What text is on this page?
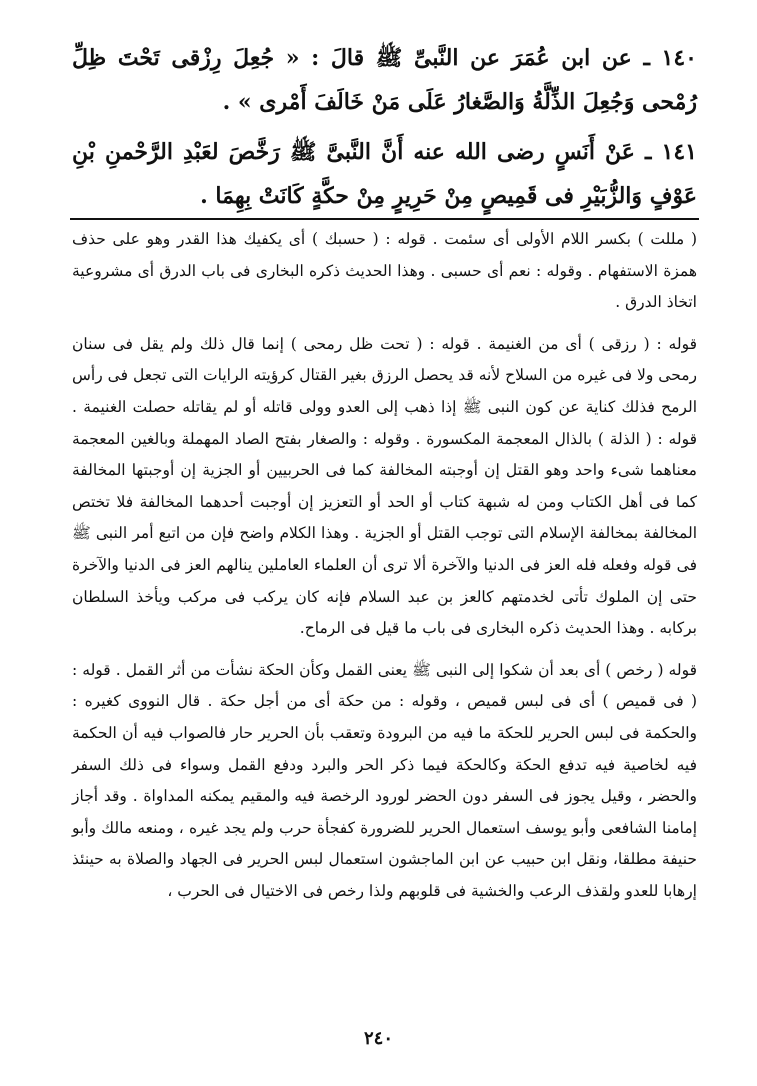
١٤٠ ـ عن ابن عُمَرَ عن النَّبىِّ ﷺ قالَ : « جُعِلَ رِزْقى تَحْتَ ظِلِّ رُمْحى وَجُعِلَ الذِّلَّةُ وَالصَّغارُ عَلَى مَنْ خَالَفَ أَمْرى » .

١٤١ ـ عَنْ أَنَسٍ رضى الله عنه أَنَّ النَّبىَّ ﷺ رَخَّصَ لعَبْدِ الرَّحْمنِ بْنِ عَوْفٍ وَالزُّبَيْرِ فى قَمِيصٍ مِنْ حَرِيرٍ مِنْ حكَّةٍ كَانَتْ بِهِمَا .

( مللت ) بكسر اللام الأولى أى سئمت . قوله : ( حسبك ) أى يكفيك هذا القدر وهو على حذف همزة الاستفهام . وقوله : نعم أى حسبى . وهذا الحديث ذكره البخارى فى باب الدرق أى مشروعية اتخاذ الدرق .

قوله : ( رزقى ) أى من الغنيمة . قوله : ( تحت ظل رمحى ) إنما قال ذلك ولم يقل فى سنان رمحى ولا فى غيره من السلاح لأنه قد يحصل الرزق بغير القتال كرؤيته الرايات التى تجعل فى رأس الرمح فذلك كناية عن كون النبى ﷺ إذا ذهب إلى العدو وولى قاتله أو لم يقاتله حصلت الغنيمة . قوله : ( الذلة ) بالذال المعجمة المكسورة . وقوله : والصغار بفتح الصاد المهملة وبالغين المعجمة معناهما شىء واحد وهو القتل إن أوجبته المخالفة كما فى الحربيين أو الجزية إن أوجبتها المخالفة كما فى أهل الكتاب ومن له شبهة كتاب أو الحد أو التعزيز إن أوجبت أحدهما المخالفة فلا تختص المخالفة بمخالفة الإسلام التى توجب القتل أو الجزية . وهذا الكلام واضح فإن من اتبع أمر النبى ﷺ فى قوله وفعله فله العز فى الدنيا والآخرة ألا ترى أن العلماء العاملين ينالهم العز فى الدنيا والآخرة حتى إن الملوك تأتى لخدمتهم كالعز بن عبد السلام فإنه كان يركب فى مركب ويأخذ السلطان بركابه . وهذا الحديث ذكره البخارى فى باب ما قيل فى الرماح.

قوله ( رخص ) أى بعد أن شكوا إلى النبى ﷺ يعنى القمل وكأن الحكة نشأت من أثر القمل . قوله : ( فى قميص ) أى فى لبس قميص ، وقوله : من حكة أى من أجل حكة . قال النووى كغيره : والحكمة فى لبس الحرير للحكة ما فيه من البرودة وتعقب بأن الحرير حار فالصواب فيه أن الحكمة فيه لخاصية فيه تدفع الحكة وكالحكة فيما ذكر الحر والبرد ودفع القمل وسواء فى ذلك السفر والحضر ، وقيل يجوز فى السفر دون الحضر لورود الرخصة فيه والمقيم يمكنه المداواة . وقد أجاز إمامنا الشافعى وأبو يوسف استعمال الحرير للضرورة كفجأة حرب ولم يجد غيره ، ومنعه مالك وأبو حنيفة مطلقا، ونقل ابن حبيب عن ابن الماجشون استعمال لبس الحرير فى الجهاد والصلاة به حينئذ إرهابا للعدو ولقذف الرعب والخشية فى قلوبهم ولذا رخص فى الاختيال فى الحرب ،

٢٤٠
